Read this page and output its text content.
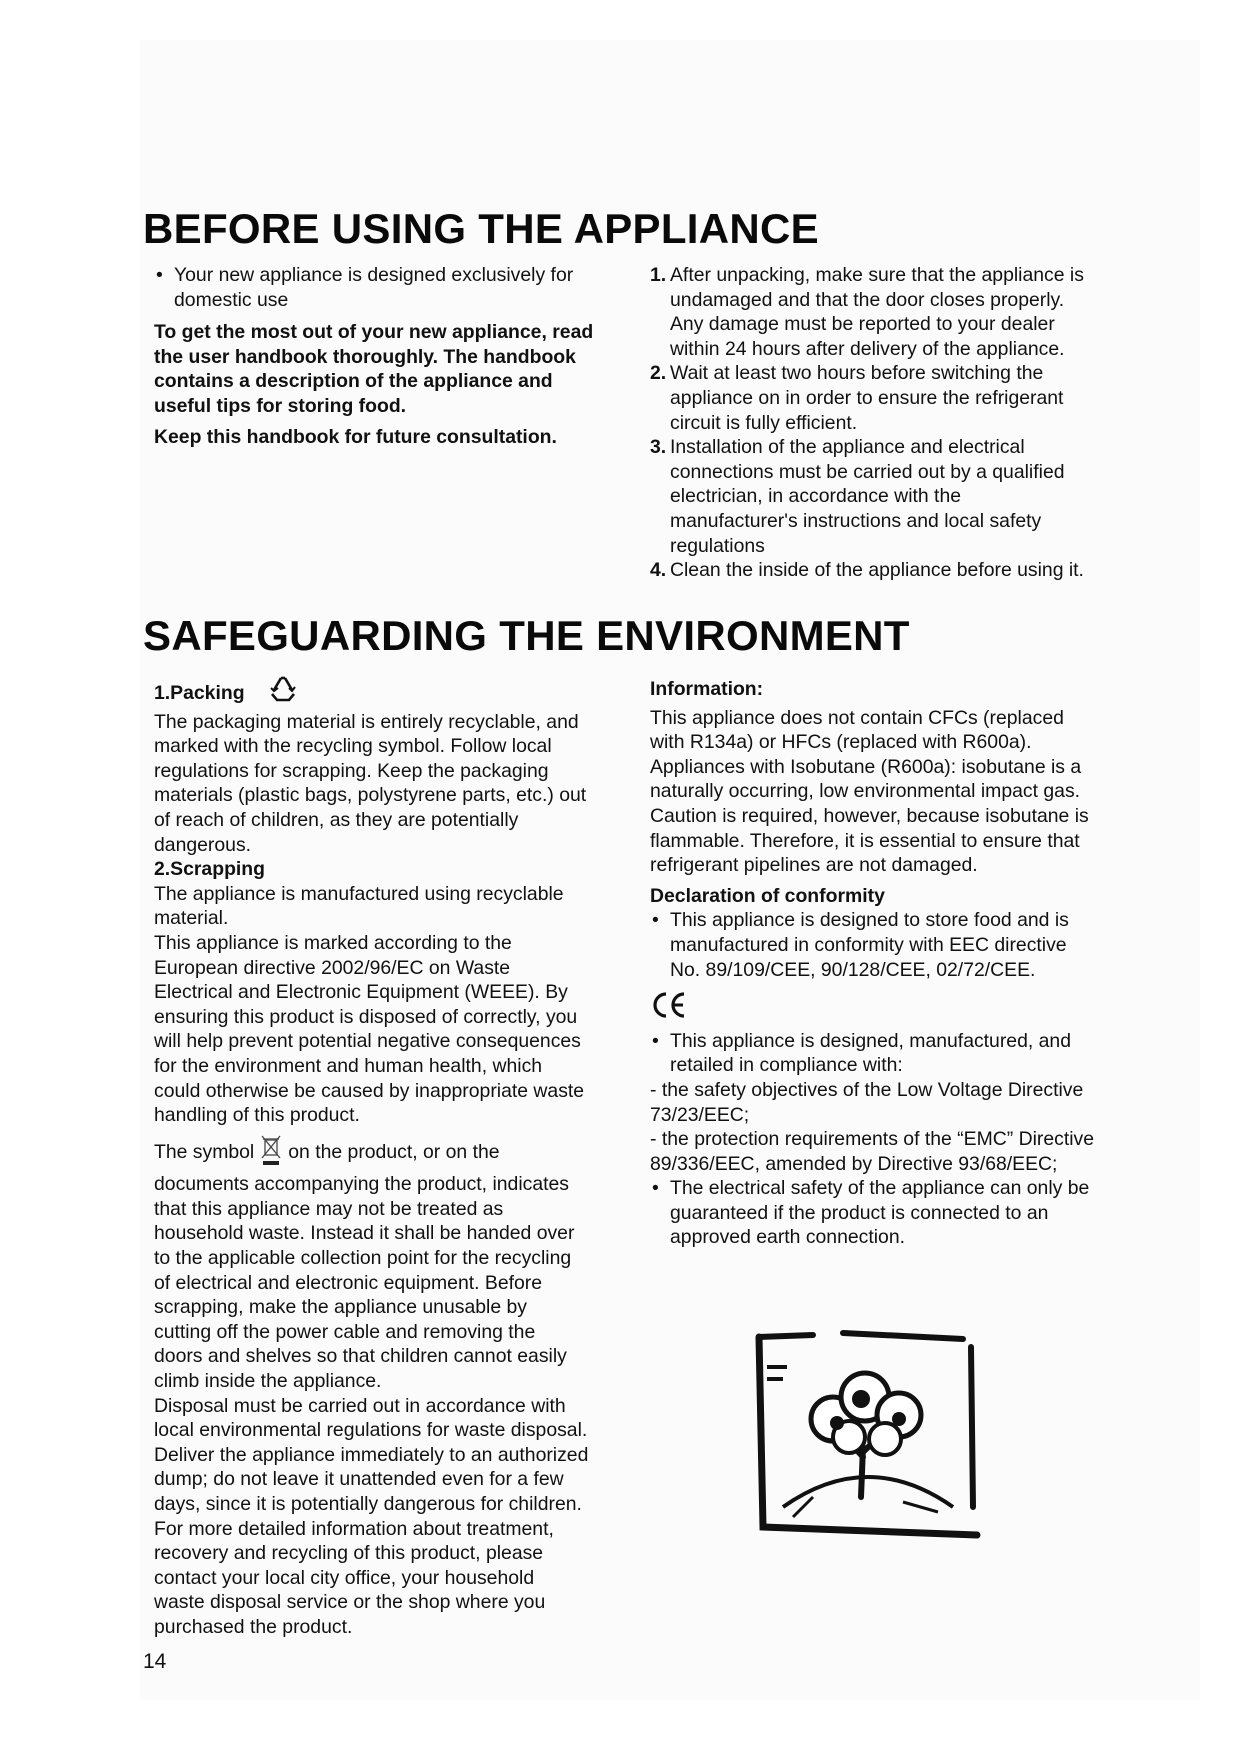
BEFORE USING THE APPLIANCE

• Your new appliance is designed exclusively for domestic use

To get the most out of your new appliance, read the user handbook thoroughly. The handbook contains a description of the appliance and useful tips for storing food.

Keep this handbook for future consultation.

1. After unpacking, make sure that the appliance is undamaged and that the door closes properly. Any damage must be reported to your dealer within 24 hours after delivery of the appliance.
2. Wait at least two hours before switching the appliance on in order to ensure the refrigerant circuit is fully efficient.
3. Installation of the appliance and electrical connections must be carried out by a qualified electrician, in accordance with the manufacturer's instructions and local safety regulations
4. Clean the inside of the appliance before using it.
SAFEGUARDING THE ENVIRONMENT

1.Packing

The packaging material is entirely recyclable, and marked with the recycling symbol. Follow local regulations for scrapping. Keep the packaging materials (plastic bags, polystyrene parts, etc.) out of reach of children, as they are potentially dangerous.

2.Scrapping

The appliance is manufactured using recyclable material.

This appliance is marked according to the European directive 2002/96/EC on Waste Electrical and Electronic Equipment (WEEE). By ensuring this product is disposed of correctly, you will help prevent potential negative consequences for the environment and human health, which could otherwise be caused by inappropriate waste handling of this product.

The symbol on the product, or on the documents accompanying the product, indicates that this appliance may not be treated as household waste. Instead it shall be handed over to the applicable collection point for the recycling of electrical and electronic equipment. Before scrapping, make the appliance unusable by cutting off the power cable and removing the doors and shelves so that children cannot easily climb inside the appliance.

Disposal must be carried out in accordance with local environmental regulations for waste disposal. Deliver the appliance immediately to an authorized dump; do not leave it unattended even for a few days, since it is potentially dangerous for children. For more detailed information about treatment, recovery and recycling of this product, please contact your local city office, your household waste disposal service or the shop where you purchased the product.

Information:

This appliance does not contain CFCs (replaced with R134a) or HFCs (replaced with R600a). Appliances with Isobutane (R600a): isobutane is a naturally occurring, low environmental impact gas. Caution is required, however, because isobutane is flammable. Therefore, it is essential to ensure that refrigerant pipelines are not damaged.

Declaration of conformity

• This appliance is designed to store food and is manufactured in conformity with EEC directive No. 89/109/CEE, 90/128/CEE, 02/72/CEE.

• This appliance is designed, manufactured, and retailed in compliance with:

- the safety objectives of the Low Voltage Directive 73/23/EEC;

- the protection requirements of the “EMC” Directive 89/336/EEC, amended by Directive 93/68/EEC;

• The electrical safety of the appliance can only be guaranteed if the product is connected to an approved earth connection.

14
